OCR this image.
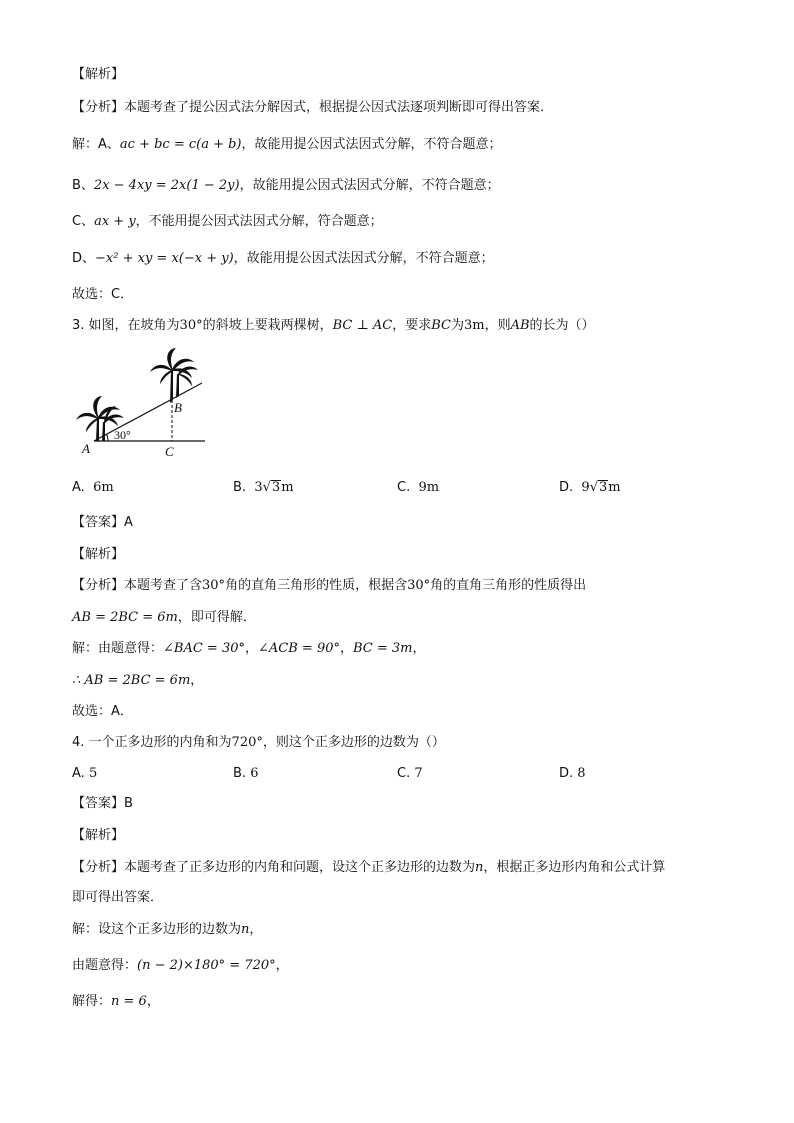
【解析】
【分析】本题考查了提公因式法分解因式，根据提公因式法逐项判断即可得出答案．
解：A、ac + bc = c(a + b)，故能用提公因式法因式分解，不符合题意；
B、2x − 4xy = 2x(1 − 2y)，故能用提公因式法因式分解，不符合题意；
C、ax + y，不能用提公因式法因式分解，符合题意；
D、−x² + xy = x(−x + y)，故能用提公因式法因式分解，不符合题意；
故选：C．
3. 如图，在坡角为30°的斜坡上要栽两棵树，BC ⊥ AC，要求BC为3m，则AB的长为（）
A
B
C
30°
A. 6m	B. 3√3m	C. 9m	D. 9√3m
【答案】A
【解析】
【分析】本题考查了含30°角的直角三角形的性质，根据含30°角的直角三角形的性质得出
AB = 2BC = 6m，即可得解．
解：由题意得：∠BAC = 30°，∠ACB = 90°，BC = 3m，
∴ AB = 2BC = 6m，
故选：A．
4. 一个正多边形的内角和为720°，则这个正多边形的边数为（）
A. 5	B. 6	C. 7	D. 8
【答案】B
【解析】
【分析】本题考查了正多边形的内角和问题，设这个正多边形的边数为n，根据正多边形内角和公式计算
即可得出答案．
解：设这个正多边形的边数为n，
由题意得：(n − 2)×180° = 720°，
解得：n = 6，
